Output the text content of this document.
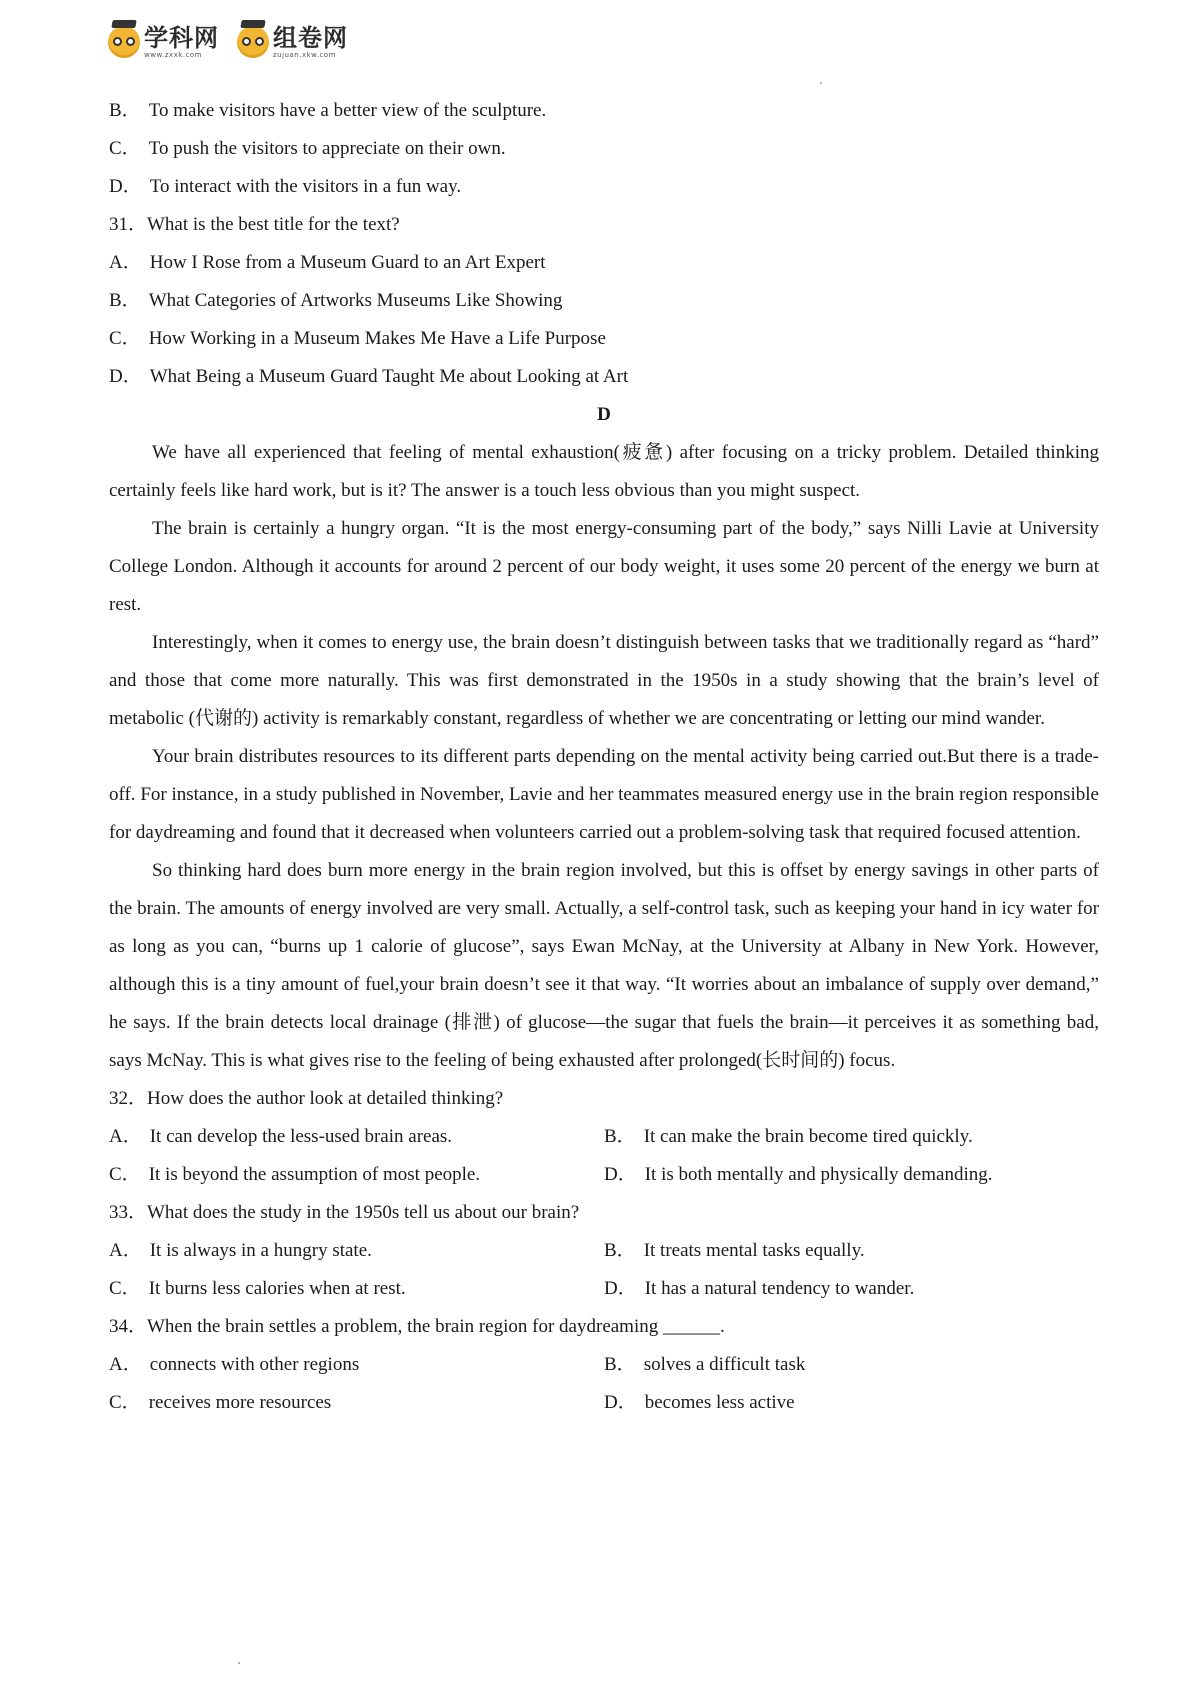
学科网
www.zxxk.com
组卷网
zujuan.xkw.com
B． To make visitors have a better view of the sculpture.
C． To push the visitors to appreciate on their own.
D． To interact with the visitors in a fun way.
31．What is the best title for the text?
A． How I Rose from a Museum Guard to an Art Expert
B． What Categories of Artworks Museums Like Showing
C． How Working in a Museum Makes Me Have a Life Purpose
D． What Being a Museum Guard Taught Me about Looking at Art
D

We have all experienced that feeling of mental exhaustion(疲惫) after focusing on a tricky problem. Detailed thinking certainly feels like hard work, but is it? The answer is a touch less obvious than you might suspect.

The brain is certainly a hungry organ. “It is the most energy-consuming part of the body,” says Nilli Lavie at University College London. Although it accounts for around 2 percent of our body weight, it uses some 20 percent of the energy we burn at rest.

Interestingly, when it comes to energy use, the brain doesn’t distinguish between tasks that we traditionally regard as “hard” and those that come more naturally. This was first demonstrated in the 1950s in a study showing that the brain’s level of metabolic (代谢的) activity is remarkably constant, regardless of whether we are concentrating or letting our mind wander.

Your brain distributes resources to its different parts depending on the mental activity being carried out.But there is a trade-off. For instance, in a study published in November, Lavie and her teammates measured energy use in the brain region responsible for daydreaming and found that it decreased when volunteers carried out a problem-solving task that required focused attention.

So thinking hard does burn more energy in the brain region involved, but this is offset by energy savings in other parts of the brain. The amounts of energy involved are very small. Actually, a self-control task, such as keeping your hand in icy water for as long as you can, “burns up 1 calorie of glucose”, says Ewan McNay, at the University at Albany in New York. However, although this is a tiny amount of fuel,your brain doesn’t see it that way. “It worries about an imbalance of supply over demand,” he says. If the brain detects local drainage (排泄) of glucose—the sugar that fuels the brain—it perceives it as something bad, says McNay. This is what gives rise to the feeling of being exhausted after prolonged(长时间的) focus.

32．How does the author look at detailed thinking?
A． It can develop the less-used brain areas.	B． It can make the brain become tired quickly.
C． It is beyond the assumption of most people.	D． It is both mentally and physically demanding.
33．What does the study in the 1950s tell us about our brain?
A． It is always in a hungry state.	B． It treats mental tasks equally.
C． It burns less calories when at rest.	D． It has a natural tendency to wander.
34．When the brain settles a problem, the brain region for daydreaming ______.
A． connects with other regions	B． solves a difficult task
C． receives more resources	D． becomes less active
